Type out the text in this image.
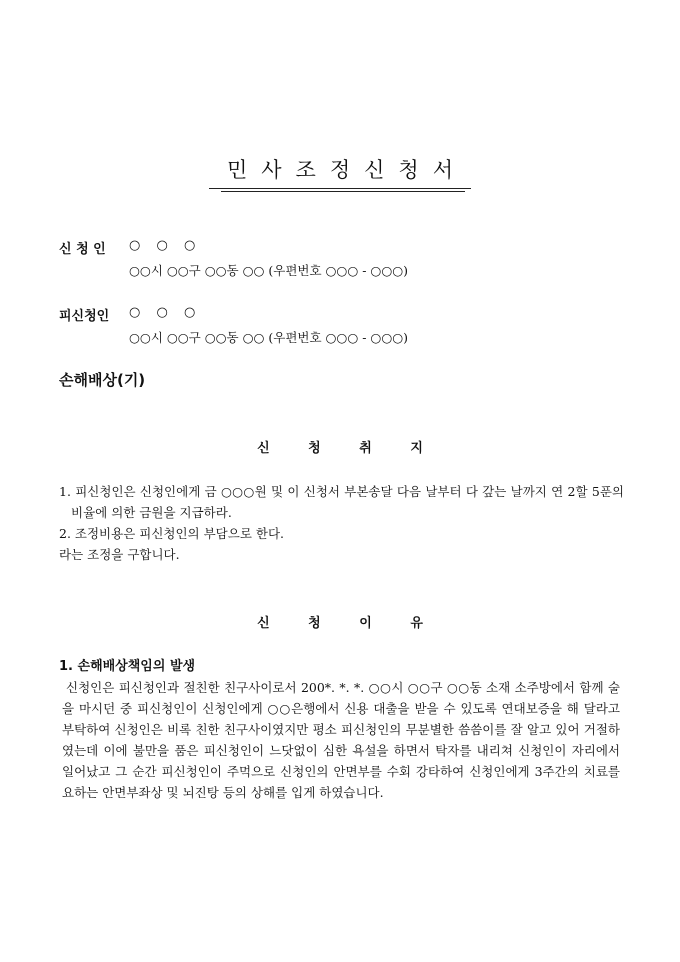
민사조정신청서
신 청 인 ○ ○ ○
○○시 ○○구 ○○동 ○○ (우편번호 ○○○ - ○○○)
피신청인 ○ ○ ○
○○시 ○○구 ○○동 ○○ (우편번호 ○○○ - ○○○)
손해배상(기)
신 청 취 지

1. 피신청인은 신청인에게 금 ○○○원 및 이 신청서 부본송달 다음 날부터 다 갚는 날까지 연 2할 5푼의 비율에 의한 금원을 지급하라.

2. 조정비용은 피신청인의 부담으로 한다.

라는 조정을 구합니다.

신 청 이 유
1. 손해배상책임의 발생
신청인은 피신청인과 절친한 친구사이로서 200*. *. *. ○○시 ○○구 ○○동 소재 소주방에서 함께 술을 마시던 중 피신청인이 신청인에게 ○○은행에서 신용 대출을 받을 수 있도록 연대보증을 해 달라고 부탁하여 신청인은 비록 친한 친구사이였지만 평소 피신청인의 무분별한 씀씀이를 잘 알고 있어 거절하였는데 이에 불만을 품은 피신청인이 느닷없이 심한 욕설을 하면서 탁자를 내리쳐 신청인이 자리에서 일어났고 그 순간 피신청인이 주먹으로 신청인의 안면부를 수회 강타하여 신청인에게 3주간의 치료를 요하는 안면부좌상 및 뇌진탕 등의 상해를 입게 하였습니다.
